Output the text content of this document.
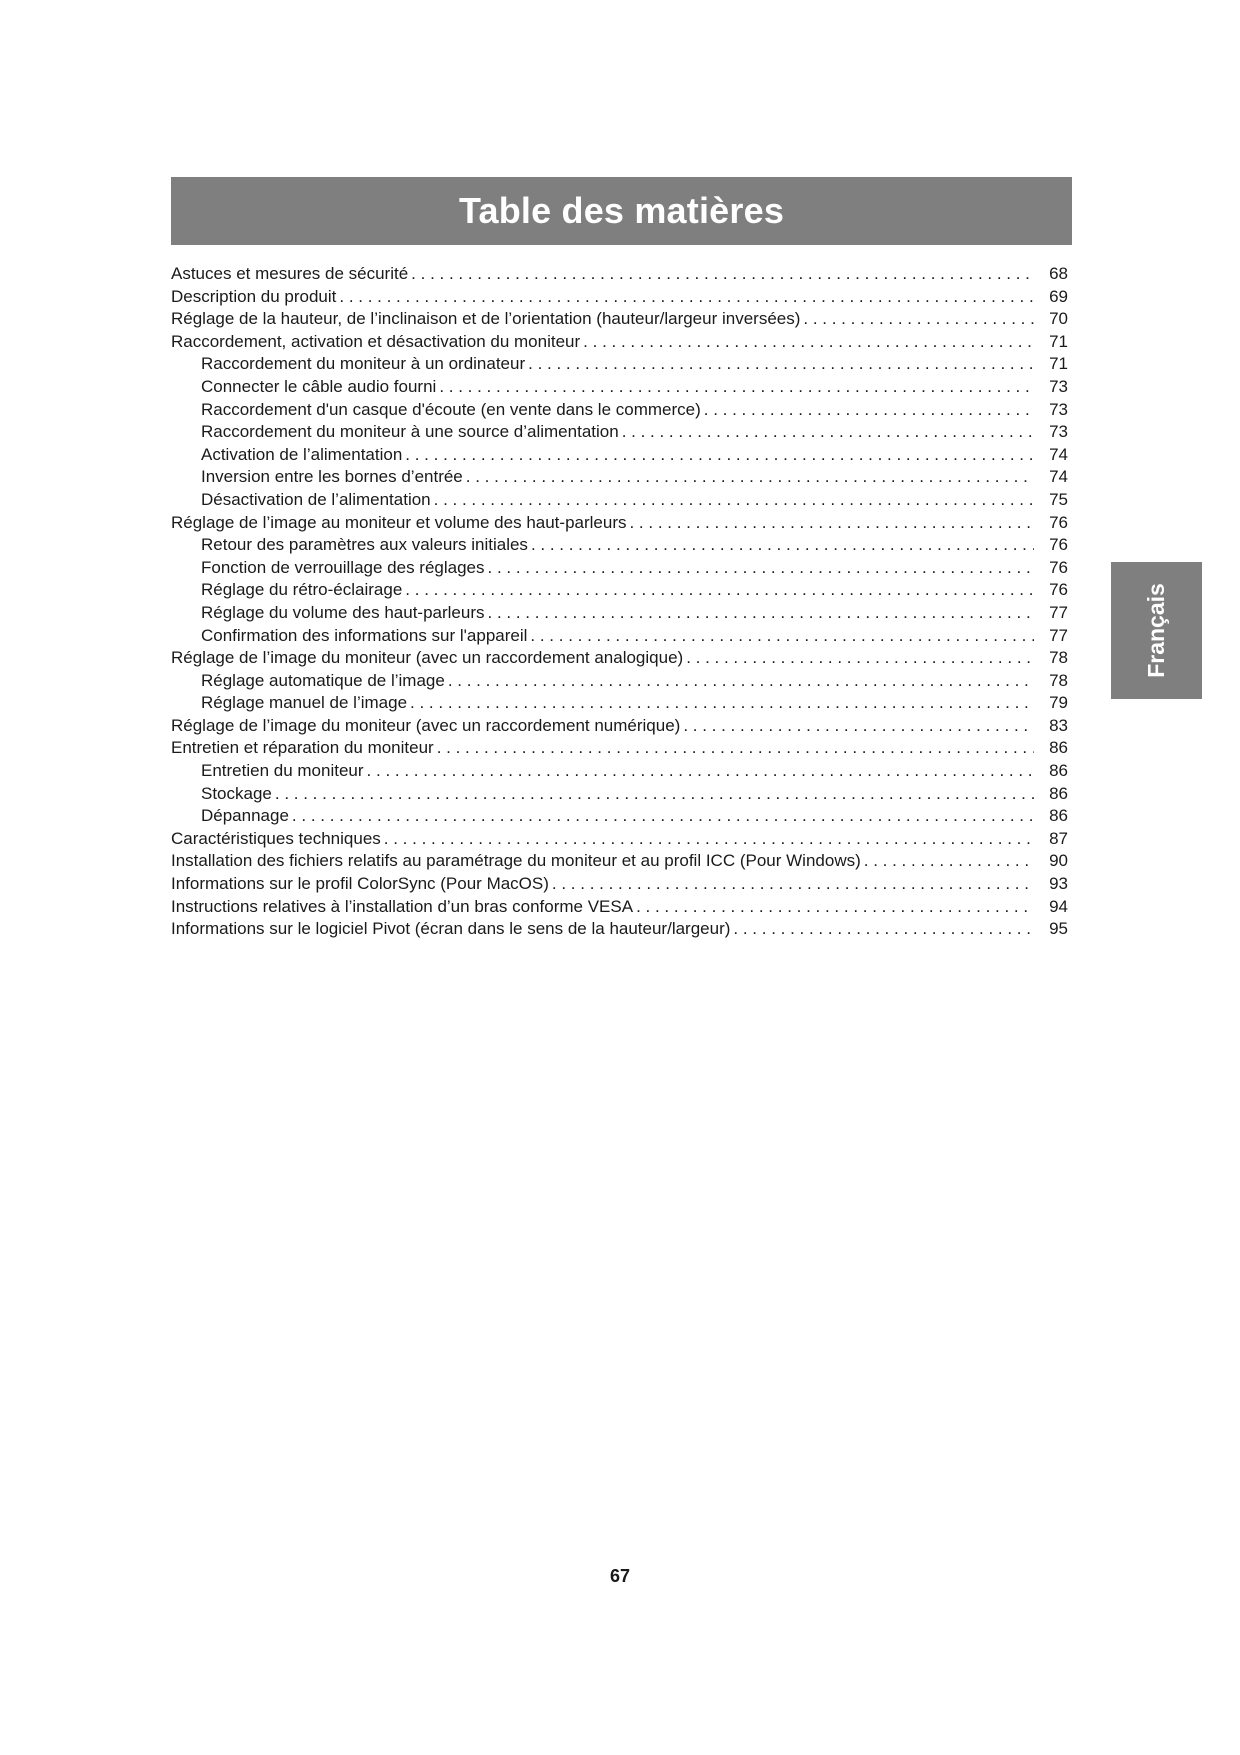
Table des matières
Astuces et mesures de sécurité . . .	68
Description du produit . . .	69
Réglage de la hauteur, de l’inclinaison et de l’orientation (hauteur/largeur inversées) . . .	70
Raccordement, activation et désactivation du moniteur . . .	71
Raccordement du moniteur à un ordinateur . . .	71
Connecter le câble audio fourni . . .	73
Raccordement d'un casque d'écoute (en vente dans le commerce) . . .	73
Raccordement du moniteur à une source d’alimentation . . .	73
Activation de l’alimentation . . .	74
Inversion entre les bornes d’entrée . . .	74
Désactivation de l’alimentation . . .	75
Réglage de l’image au moniteur et volume des haut-parleurs . . .	76
Retour des paramètres aux valeurs initiales . . .	76
Fonction de verrouillage des réglages . . .	76
Réglage du rétro-éclairage . . .	76
Réglage du volume des haut-parleurs . . .	77
Confirmation des informations sur l'appareil . . .	77
Réglage de l’image du moniteur (avec un raccordement analogique) . . .	78
Réglage automatique de l’image . . .	78
Réglage manuel de l’image . . .	79
Réglage de l’image du moniteur (avec un raccordement numérique) . . .	83
Entretien et réparation du moniteur . . .	86
Entretien du moniteur . . .	86
Stockage . . .	86
Dépannage . . .	86
Caractéristiques techniques . . .	87
Installation des fichiers relatifs au paramétrage du moniteur et au profil ICC (Pour Windows) . . .	90
Informations sur le profil ColorSync (Pour MacOS) . . .	93
Instructions relatives à l’installation d’un bras conforme VESA . . .	94
Informations sur le logiciel Pivot (écran dans le sens de la hauteur/largeur) . . .	95
Français
67
